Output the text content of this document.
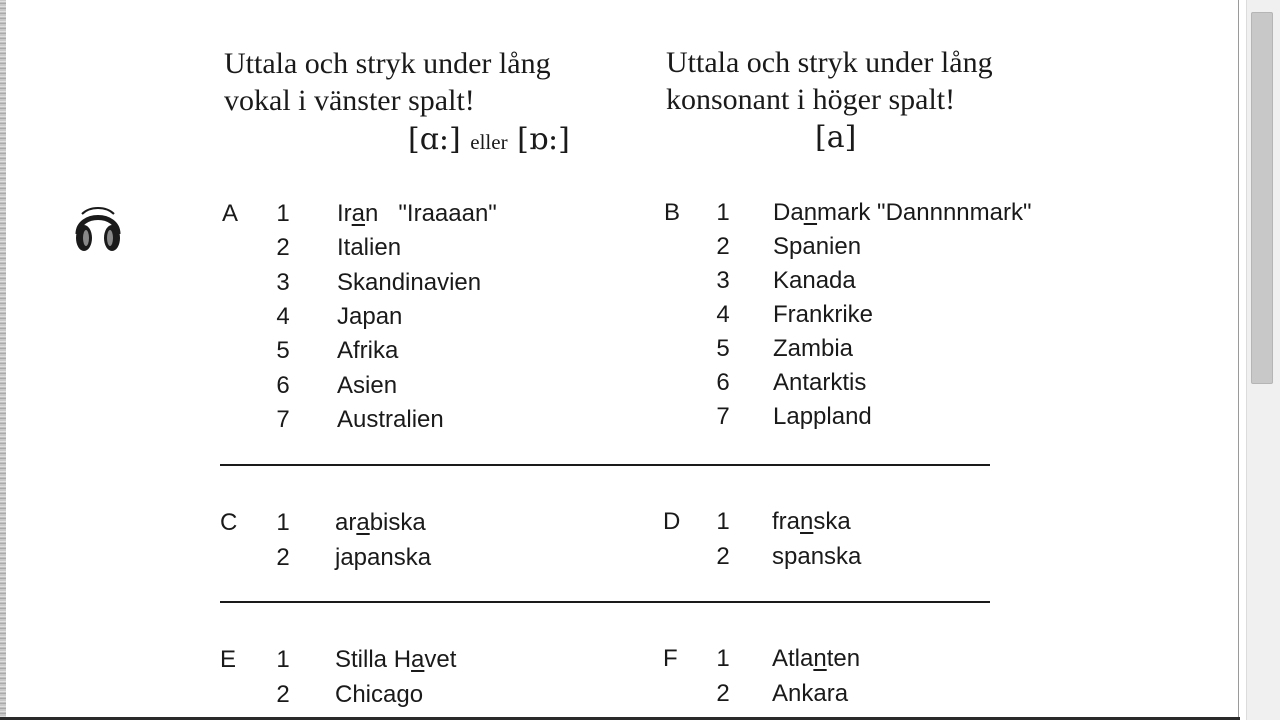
Uttala och stryk under lång
vokal i vänster spalt!
Uttala och stryk under lång
konsonant i höger spalt!
[ɑ:] eller [ɒ:]	[a]
A 1 Iran   "Iraaaan"
2 Italien
3 Skandinavien
4 Japan
5 Afrika
6 Asien
7 Australien
B 1 Danmark "Dannnnmark"
2 Spanien
3 Kanada
4 Frankrike
5 Zambia
6 Antarktis
7 Lappland
C 1 arabiska
2 japanska
D 1 franska
2 spanska
E 1 Stilla Havet
2 Chicago
F 1 Atlanten
2 Ankara
